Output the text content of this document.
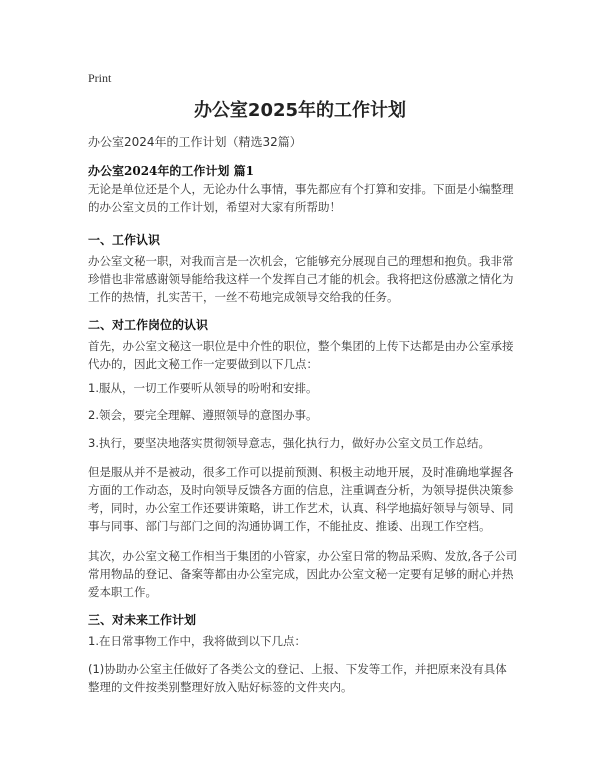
Print
办公室2025年的工作计划
办公室2024年的工作计划（精选32篇）
办公室2024年的工作计划 篇1
无论是单位还是个人，无论办什么事情，事先都应有个打算和安排。下面是小编整理的办公室文员的工作计划，希望对大家有所帮助！
一、工作认识
办公室文秘一职，对我而言是一次机会，它能够充分展现自己的理想和抱负。我非常珍惜也非常感谢领导能给我这样一个发挥自己才能的机会。我将把这份感激之情化为工作的热情，扎实苦干，一丝不苟地完成领导交给我的任务。
二、对工作岗位的认识
首先，办公室文秘这一职位是中介性的职位，整个集团的上传下达都是由办公室承接代办的，因此文秘工作一定要做到以下几点：
1.服从，一切工作要听从领导的吩咐和安排。
2.领会，要完全理解、遵照领导的意图办事。
3.执行，要坚决地落实贯彻领导意志，强化执行力，做好办公室文员工作总结。
但是服从并不是被动，很多工作可以提前预测、积极主动地开展，及时准确地掌握各方面的工作动态，及时向领导反馈各方面的信息，注重调查分析，为领导提供决策参考，同时，办公室工作还要讲策略，讲工作艺术，认真、科学地搞好领导与领导、同事与同事、部门与部门之间的沟通协调工作，不能扯皮、推诿、出现工作空档。
其次，办公室文秘工作相当于集团的小管家，办公室日常的物品采购、发放,各子公司常用物品的登记、备案等都由办公室完成，因此办公室文秘一定要有足够的耐心并热爱本职工作。
三、对未来工作计划
1.在日常事物工作中，我将做到以下几点：
(1)协助办公室主任做好了各类公文的登记、上报、下发等工作，并把原来没有具体整理的文件按类别整理好放入贴好标签的文件夹内。
